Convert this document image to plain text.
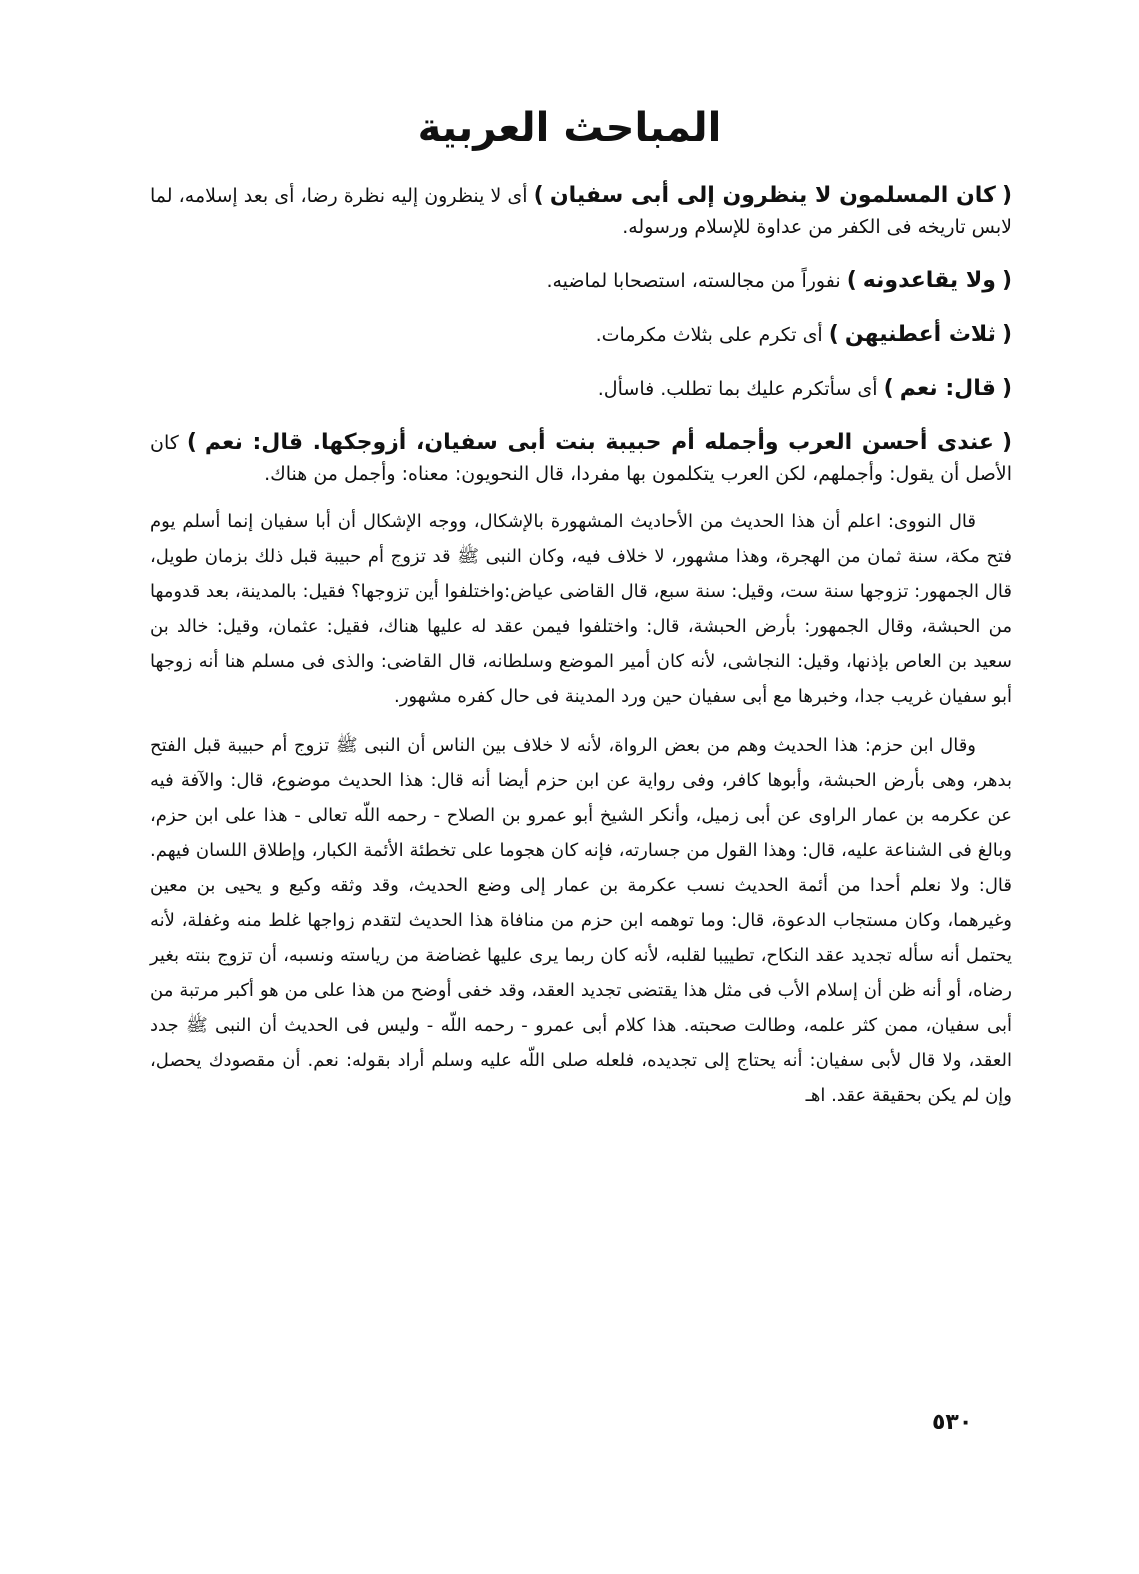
المباحث العربية

( كان المسلمون لا ينظرون إلى أبى سفيان ) أى لا ينظرون إليه نظرة رضا، أى بعد إسلامه، لما لابس تاريخه فى الكفر من عداوة للإسلام ورسوله.

( ولا يقاعدونه ) نفوراً من مجالسته، استصحابا لماضيه.

( ثلاث أعطنيهن ) أى تكرم على بثلاث مكرمات.

( قال: نعم ) أى سأتكرم عليك بما تطلب. فاسأل.

( عندى أحسن العرب وأجمله أم حبيبة بنت أبى سفيان، أزوجكها. قال: نعم ) كان الأصل أن يقول: وأجملهم، لكن العرب يتكلمون بها مفردا، قال النحويون: معناه: وأجمل من هناك.

قال النووى: اعلم أن هذا الحديث من الأحاديث المشهورة بالإشكال، ووجه الإشكال أن أبا سفيان إنما أسلم يوم فتح مكة، سنة ثمان من الهجرة، وهذا مشهور، لا خلاف فيه، وكان النبى ﷺ قد تزوج أم حبيبة قبل ذلك بزمان طويل، قال الجمهور: تزوجها سنة ست، وقيل: سنة سبع، قال القاضى عياض:واختلفوا أين تزوجها؟ فقيل: بالمدينة، بعد قدومها من الحبشة، وقال الجمهور: بأرض الحبشة، قال: واختلفوا فيمن عقد له عليها هناك، فقيل: عثمان، وقيل: خالد بن سعيد بن العاص بإذنها، وقيل: النجاشى، لأنه كان أمير الموضع وسلطانه، قال القاضى: والذى فى مسلم هنا أنه زوجها أبو سفيان غريب جدا، وخبرها مع أبى سفيان حين ورد المدينة فى حال كفره مشهور.

وقال ابن حزم: هذا الحديث وهم من بعض الرواة، لأنه لا خلاف بين الناس أن النبى ﷺ تزوج أم حبيبة قبل الفتح بدهر، وهى بأرض الحبشة، وأبوها كافر، وفى رواية عن ابن حزم أيضا أنه قال: هذا الحديث موضوع، قال: والآفة فيه عن عكرمه بن عمار الراوى عن أبى زميل، وأنكر الشيخ أبو عمرو بن الصلاح - رحمه اللّه تعالى - هذا على ابن حزم، وبالغ فى الشناعة عليه، قال: وهذا القول من جسارته، فإنه كان هجوما على تخطئة الأئمة الكبار، وإطلاق اللسان فيهم. قال: ولا نعلم أحدا من أئمة الحديث نسب عكرمة بن عمار إلى وضع الحديث، وقد وثقه وكيع و يحيى بن معين وغيرهما، وكان مستجاب الدعوة، قال: وما توهمه ابن حزم من منافاة هذا الحديث لتقدم زواجها غلط منه وغفلة، لأنه يحتمل أنه سأله تجديد عقد النكاح، تطييبا لقلبه، لأنه كان ربما يرى عليها غضاضة من رياسته ونسبه، أن تزوج بنته بغير رضاه، أو أنه ظن أن إسلام الأب فى مثل هذا يقتضى تجديد العقد، وقد خفى أوضح من هذا على من هو أكبر مرتبة من أبى سفيان، ممن كثر علمه، وطالت صحبته. هذا كلام أبى عمرو - رحمه اللّه - وليس فى الحديث أن النبى ﷺ جدد العقد، ولا قال لأبى سفيان: أنه يحتاج إلى تجديده، فلعله صلى اللّه عليه وسلم أراد بقوله: نعم. أن مقصودك يحصل، وإن لم يكن بحقيقة عقد. اهـ

٥٣٠
